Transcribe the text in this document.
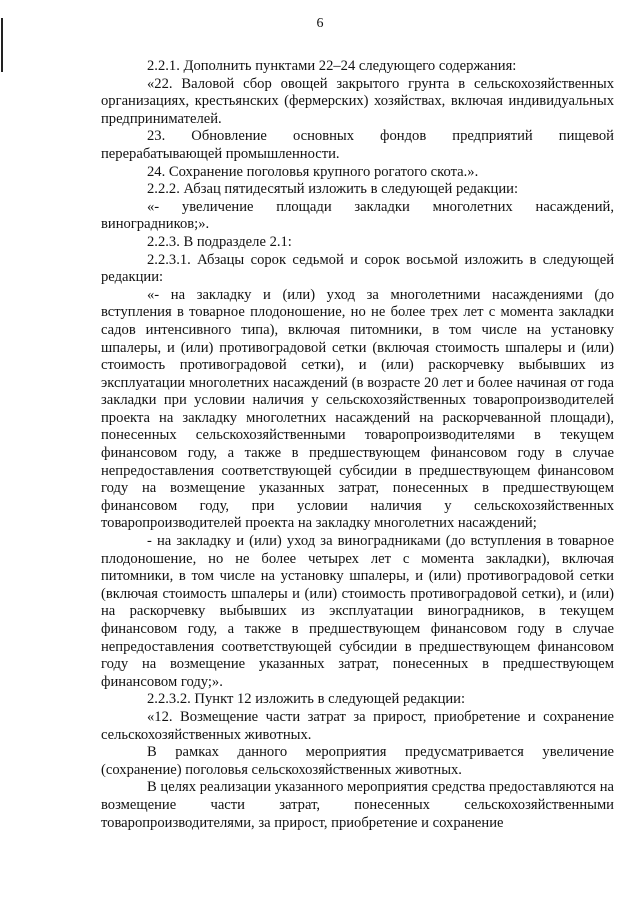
6

2.2.1. Дополнить пунктами 22–24 следующего содержания:

«22. Валовой сбор овощей закрытого грунта в сельскохозяйственных организациях, крестьянских (фермерских) хозяйствах, включая индивидуальных предпринимателей.

23. Обновление основных фондов предприятий пищевой перерабатывающей промышленности.

24. Сохранение поголовья крупного рогатого скота.».

2.2.2. Абзац пятидесятый изложить в следующей редакции:

«- увеличение площади закладки многолетних насаждений, виноградников;».

2.2.3. В подразделе 2.1:

2.2.3.1. Абзацы сорок седьмой и сорок восьмой изложить в следующей редакции:

«- на закладку и (или) уход за многолетними насаждениями (до вступления в товарное плодоношение, но не более трех лет с момента закладки садов интенсивного типа), включая питомники, в том числе на установку шпалеры, и (или) противоградовой сетки (включая стоимость шпалеры и (или) стоимость противоградовой сетки), и (или) раскорчевку выбывших из эксплуатации многолетних насаждений (в возрасте 20 лет и более начиная от года закладки при условии наличия у сельскохозяйственных товаропроизводителей проекта на закладку многолетних насаждений на раскорчеванной площади), понесенных сельскохозяйственными товаропроизводителями в текущем финансовом году, а также в предшествующем финансовом году в случае непредоставления соответствующей субсидии в предшествующем финансовом году на возмещение указанных затрат, понесенных в предшествующем финансовом году, при условии наличия у сельскохозяйственных товаропроизводителей проекта на закладку многолетних насаждений;

- на закладку и (или) уход за виноградниками (до вступления в товарное плодоношение, но не более четырех лет с момента закладки), включая питомники, в том числе на установку шпалеры, и (или) противоградовой сетки (включая стоимость шпалеры и (или) стоимость противоградовой сетки), и (или) на раскорчевку выбывших из эксплуатации виноградников, в текущем финансовом году, а также в предшествующем финансовом году в случае непредоставления соответствующей субсидии в предшествующем финансовом году на возмещение указанных затрат, понесенных в предшествующем финансовом году;».

2.2.3.2. Пункт 12 изложить в следующей редакции:

«12. Возмещение части затрат за прирост, приобретение и сохранение сельскохозяйственных животных.

В рамках данного мероприятия предусматривается увеличение (сохранение) поголовья сельскохозяйственных животных.

В целях реализации указанного мероприятия средства предоставляются на возмещение части затрат, понесенных сельскохозяйственными товаропроизводителями, за прирост, приобретение и сохранение
